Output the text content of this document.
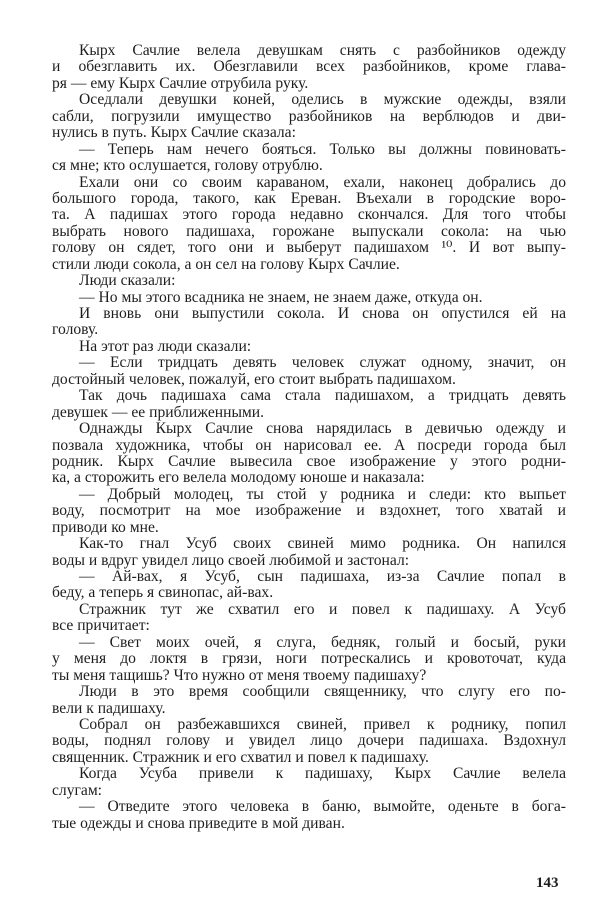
Кырх Сачлие велела девушкам снять с разбойников одежду
и обезглавить их. Обезглавили всех разбойников, кроме глава-
ря — ему Кырх Сачлие отрубила руку.
Оседлали девушки коней, оделись в мужские одежды, взяли
сабли, погрузили имущество разбойников на верблюдов и дви-
нулись в путь. Кырх Сачлие сказала:
— Теперь нам нечего бояться. Только вы должны повиновать-
ся мне; кто ослушается, голову отрублю.
Ехали они со своим караваном, ехали, наконец добрались до
большого города, такого, как Ереван. Въехали в городские воро-
та. А падишах этого города недавно скончался. Для того чтобы
выбрать нового падишаха, горожане выпускали сокола: на чью
голову он сядет, того они и выберут падишахом ¹⁰. И вот выпу-
стили люди сокола, а он сел на голову Кырх Сачлие.
Люди сказали:
— Но мы этого всадника не знаем, не знаем даже, откуда он.
И вновь они выпустили сокола. И снова он опустился ей на
голову.
На этот раз люди сказали:
— Если тридцать девять человек служат одному, значит, он
достойный человек, пожалуй, его стоит выбрать падишахом.
Так дочь падишаха сама стала падишахом, а тридцать девять
девушек — ее приближенными.
Однажды Кырх Сачлие снова нарядилась в девичью одежду и
позвала художника, чтобы он нарисовал ее. А посреди города был
родник. Кырх Сачлие вывесила свое изображение у этого родни-
ка, а сторожить его велела молодому юноше и наказала:
— Добрый молодец, ты стой у родника и следи: кто выпьет
воду, посмотрит на мое изображение и вздохнет, того хватай и
приводи ко мне.
Как-то гнал Усуб своих свиней мимо родника. Он напился
воды и вдруг увидел лицо своей любимой и застонал:
— Ай-вах, я Усуб, сын падишаха, из-за Сачлие попал в
беду, а теперь я свинопас, ай-вах.
Стражник тут же схватил его и повел к падишаху. А Усуб
все причитает:
— Свет моих очей, я слуга, бедняк, голый и босый, руки
у меня до локтя в грязи, ноги потрескались и кровоточат, куда
ты меня тащишь? Что нужно от меня твоему падишаху?
Люди в это время сообщили священнику, что слугу его по-
вели к падишаху.
Собрал он разбежавшихся свиней, привел к роднику, попил
воды, поднял голову и увидел лицо дочери падишаха. Вздохнул
священник. Стражник и его схватил и повел к падишаху.
Когда Усуба привели к падишаху, Кырх Сачлие велела
слугам:
— Отведите этого человека в баню, вымойте, оденьте в бога-
тые одежды и снова приведите в мой диван.
143
